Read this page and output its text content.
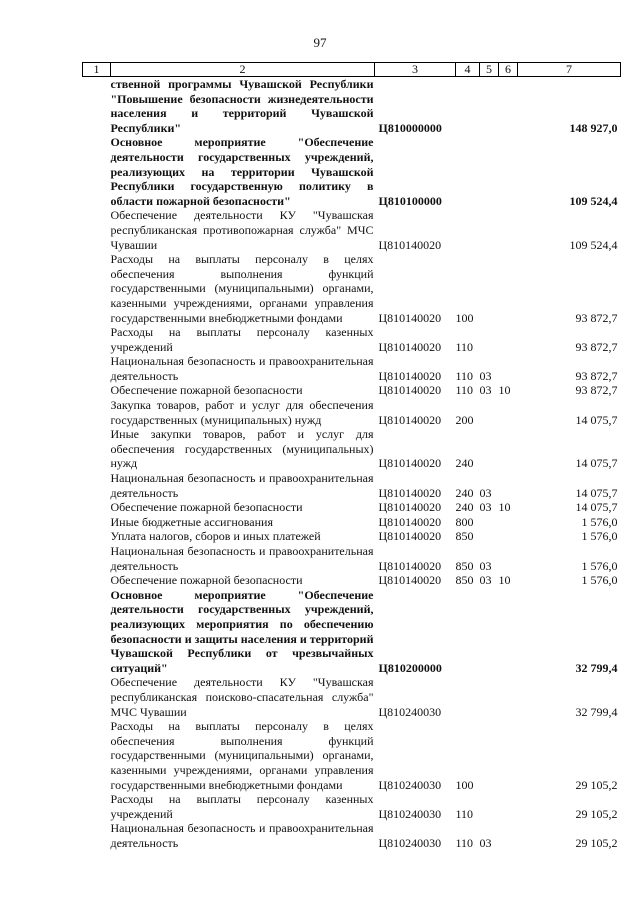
97
1	2	3	4	5	6	7
	ственной программы Чувашской Республики "Повышение безопасности жизнедеятельности населения и территорий Чувашской Республики"	Ц810000000				148 927,0
	Основное мероприятие "Обеспечение деятельности государственных учреждений, реализующих на территории Чувашской Республики государственную политику в области пожарной безопасности"	Ц810100000				109 524,4
	Обеспечение деятельности КУ "Чувашская республиканская противопожарная служба" МЧС Чувашии	Ц810140020				109 524,4
	Расходы на выплаты персоналу в целях обеспечения выполнения функций государственными (муниципальными) органами, казенными учреждениями, органами управления государственными внебюджетными фондами	Ц810140020	100			93 872,7
	Расходы на выплаты персоналу казенных учреждений	Ц810140020	110			93 872,7
	Национальная безопасность и правоохранительная деятельность	Ц810140020	110	03		93 872,7
	Обеспечение пожарной безопасности	Ц810140020	110	03	10	93 872,7
	Закупка товаров, работ и услуг для обеспечения государственных (муниципальных) нужд	Ц810140020	200			14 075,7
	Иные закупки товаров, работ и услуг для обеспечения государственных (муниципальных) нужд	Ц810140020	240			14 075,7
	Национальная безопасность и правоохранительная деятельность	Ц810140020	240	03		14 075,7
	Обеспечение пожарной безопасности	Ц810140020	240	03	10	14 075,7
	Иные бюджетные ассигнования	Ц810140020	800			1 576,0
	Уплата налогов, сборов и иных платежей	Ц810140020	850			1 576,0
	Национальная безопасность и правоохранительная деятельность	Ц810140020	850	03		1 576,0
	Обеспечение пожарной безопасности	Ц810140020	850	03	10	1 576,0
	Основное мероприятие "Обеспечение деятельности государственных учреждений, реализующих мероприятия по обеспечению безопасности и защиты населения и территорий Чувашской Республики от чрезвычайных ситуаций"	Ц810200000				32 799,4
	Обеспечение деятельности КУ "Чувашская республиканская поисково-спасательная служба" МЧС Чувашии	Ц810240030				32 799,4
	Расходы на выплаты персоналу в целях обеспечения выполнения функций государственными (муниципальными) органами, казенными учреждениями, органами управления государственными внебюджетными фондами	Ц810240030	100			29 105,2
	Расходы на выплаты персоналу казенных учреждений	Ц810240030	110			29 105,2
	Национальная безопасность и правоохранительная деятельность	Ц810240030	110	03		29 105,2
